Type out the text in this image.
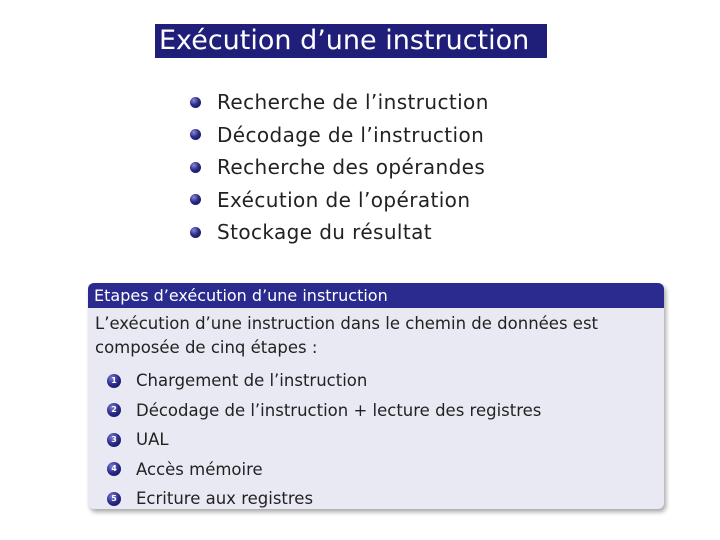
Exécution d’une instruction
Recherche de l’instruction
Décodage de l’instruction
Recherche des opérandes
Exécution de l’opération
Stockage du résultat
Etapes d’exécution d’une instruction
L’exécution d’une instruction dans le chemin de données est
composée de cinq étapes :
1 Chargement de l’instruction
2 Décodage de l’instruction + lecture des registres
3 UAL
4 Accès mémoire
5 Ecriture aux registres
